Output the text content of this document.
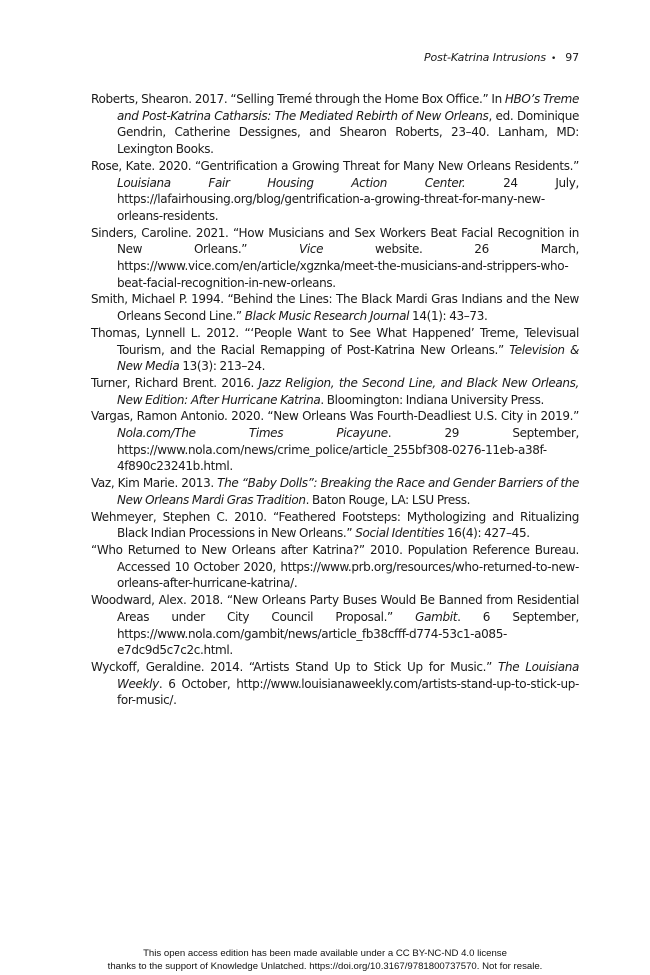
Post-Katrina Intrusions • 97

Roberts, Shearon. 2017. “Selling Tremé through the Home Box Office.” In HBO’s Treme and Post-Katrina Catharsis: The Mediated Rebirth of New Orleans, ed. Dominique Gendrin, Catherine Dessignes, and Shearon Roberts, 23–40. Lanham, MD: Lexington Books.

Rose, Kate. 2020. “Gentrification a Growing Threat for Many New Orleans Residents.” Louisiana Fair Housing Action Center. 24 July, https://lafairhousing.org/blog/gentrification-a-growing-threat-for-many-new-orleans-residents.

Sinders, Caroline. 2021. “How Musicians and Sex Workers Beat Facial Recognition in New Orleans.” Vice website. 26 March, https://www.vice.com/en/article/xgznka/meet-the-musicians-and-strippers-who-beat-facial-recognition-in-new-orleans.

Smith, Michael P. 1994. “Behind the Lines: The Black Mardi Gras Indians and the New Orleans Second Line.” Black Music Research Journal 14(1): 43–73.

Thomas, Lynnell L. 2012. “‘People Want to See What Happened’ Treme, Televisual Tourism, and the Racial Remapping of Post-Katrina New Orleans.” Television & New Media 13(3): 213–24.

Turner, Richard Brent. 2016. Jazz Religion, the Second Line, and Black New Orleans, New Edition: After Hurricane Katrina. Bloomington: Indiana University Press.

Vargas, Ramon Antonio. 2020. “New Orleans Was Fourth-Deadliest U.S. City in 2019.” Nola.com/The Times Picayune. 29 September, https://www.nola.com/news/crime_police/article_255bf308-0276-11eb-a38f-4f890c23241b.html.

Vaz, Kim Marie. 2013. The “Baby Dolls”: Breaking the Race and Gender Barriers of the New Orleans Mardi Gras Tradition. Baton Rouge, LA: LSU Press.

Wehmeyer, Stephen C. 2010. “Feathered Footsteps: Mythologizing and Ritualizing Black Indian Processions in New Orleans.” Social Identities 16(4): 427–45.

“Who Returned to New Orleans after Katrina?” 2010. Population Reference Bureau. Accessed 10 October 2020, https://www.prb.org/resources/who-returned-to-new-orleans-after-hurricane-katrina/.

Woodward, Alex. 2018. “New Orleans Party Buses Would Be Banned from Residential Areas under City Council Proposal.” Gambit. 6 September, https://www.nola.com/gambit/news/article_fb38cfff-d774-53c1-a085-e7dc9d5c7c2c.html.

Wyckoff, Geraldine. 2014. “Artists Stand Up to Stick Up for Music.” The Louisiana Weekly. 6 October, http://www.louisianaweekly.com/artists-stand-up-to-stick-up-for-music/.

This open access edition has been made available under a CC BY-NC-ND 4.0 license
thanks to the support of Knowledge Unlatched. https://doi.org/10.3167/9781800737570. Not for resale.
